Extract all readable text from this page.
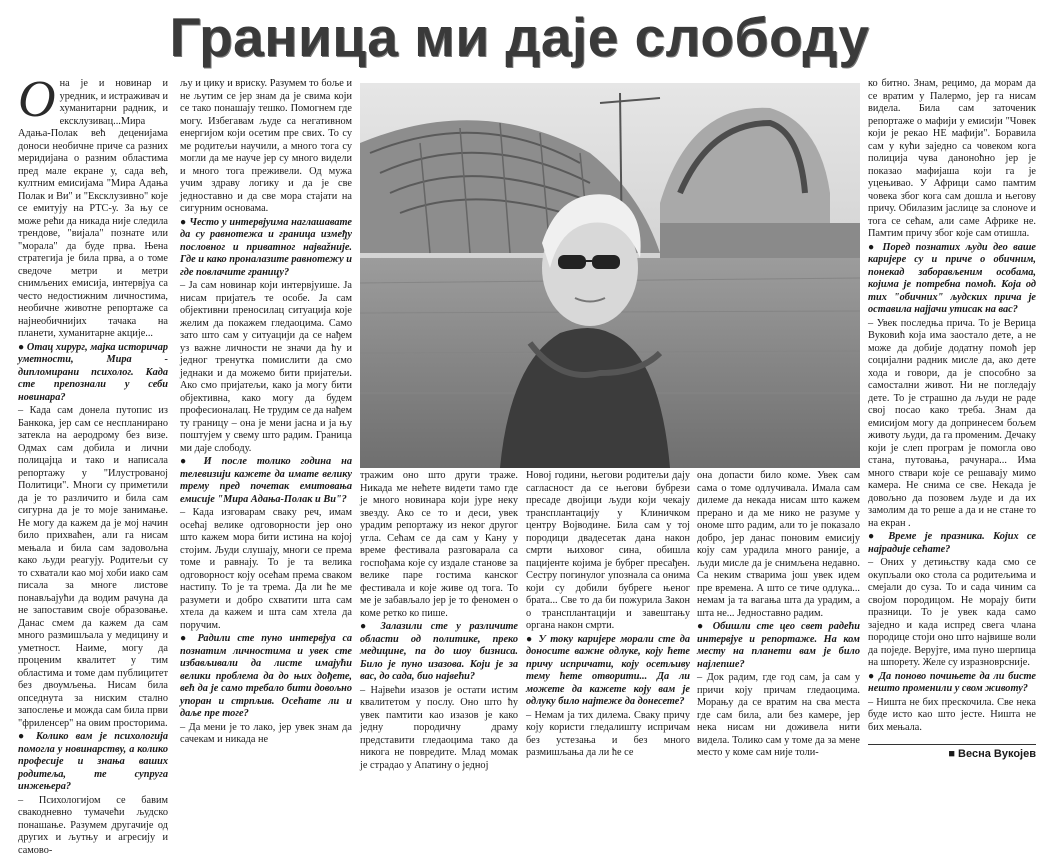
Граница ми даје слободу
О на је и новинар и уредник, и истраживач и хуманитарни радник, и ексклузивац...Мира Адања-Полак већ деценијама доноси необичне приче са разних меридијана о разним областима пред мале екране у, сада већ, култним емисијама "Мира Адања Полак и Ви" и "Ексклузивно" које се емитују на РТС-у. За њу се може рећи да никада није следила трендове, "вијала" познате или "морала" да буде прва. Њена стратегија је била прва, а о томе сведоче метри и метри снимљених емисија, интервјуа са често недостижним личностима, необичне животне репортаже са најнеобичнијих тачака на планети, хуманитарне акције...

● Отац хирург, мајка историчар уметности, Мира - дипломирани психолог. Када сте препознали у себи новинара?

– Када сам донела путопис из Банкока, јер сам се неспланирано затекла на аеродрому без визе. Одмах сам добила и лични полицајца и тако и написала репортажу у "Илустрованој Политици". Многи су приметили да је то различито и била сам сигурна да је то моје занимање. Не могу да кажем да је мој начин било прихваћен, али га нисам мењала и била сам задовољна како људи реагују. Родитељи су то схватали као мој хоби иако сам писала за многе листове понављајући да водим рачуна да не запоставим своје образовање. Данас смем да кажем да сам много размишљала у медицину и уметност. Наиме, могу да проценим квалитет у тим областима и томе дам публицитет без двоумљења. Нисам била опседнута за ниским стално запослење и можда сам била први "фриленсер" на овим просторима.

● Колико вам је психологија помогла у новинарству, а колико професије и знања ваших родитеља, те супруга инжењера?

– Психологијом се бавим свакодневно тумачећи људско понашање. Разумем другачије од других и љутњу и агресију и самово-

љу и цику и вриску. Разумем то боље и не љутим се јер знам да је свима који се тако понашају тешко. Помогнем где могу. Избегавам људе са негативном енергијом који осетим пре свих. То су ме родитељи научили, а много тога су могли да ме науче јер су много видели и много тога преживели. Од мужа учим здраву логику и да је све једноставно и да све мора стајати на сигурним основама.

● Често у интервјуима наглашавате да су равнотежа и граница између пословног и приватног највažније. Где и како проналазите равнотежу и где повлачите границу?

– Ја сам новинар који интервјуише. Ја нисам пријатељ те особе. Ја сам објективни преносилац ситуација које желим да покажем гледаоцима. Само зато што сам у ситуацији да се нађем уз важне личности не значи да ћу и једног тренутка помислити да смо једнаки и да можемо бити пријатељи. Ако смо пријатељи, како ја могу бити објективна, како могу да будем професионалац. Не трудим се да нађем ту границу – она је мени јасна и ја њу поштујем у свему што радим. Граница ми даје слободу.

● И после толико година на телевизији кажете да имате велику трему пред почетак емитовања емисије "Мира Адања-Полак и Ви"?

– Када изговарам сваку реч, имам осећај велике одговорности јер оно што кажем мора бити истина на којој стојим. Људи слушају, многи се према томе и равнају. То је та велика одговорност коју осећам према сваком настипу. То је та трема. Да ли ће ме разумети и добро схватити шта сам хтела да кажем и шта сам хтела да поручим.

● Радили сте пуно интервјуа са познатим личностима и увек сте избављивали да листе имајући велики проблема да до њих дођете, већ да је само требало бити довољно упоран и стрпљив. Осећате ли и даље пре тоге?

– Да мени је то лако, јер увек знам да сачекам и никада не

тражим оно што други траже. Никада ме нећете видети тамо где је много новинара који јуре неку звезду. Ако се то и деси, увек урадим репортажу из неког другог угла. Сећам се да сам у Кану у време фестивала разговарала са госпођама које су издале станове за велике паре гостима канског фестивала и које живе од тога. То ме је забављало јер је то феномен о коме ретко ко пише.

● Залазили сте у различите области од политике, преко медицине, па до шоу бизниса. Било је пуно изазова. Који је за вас, до сада, био највећи?

– Највећи изазов је остати истим квалитетом у послу. Оно што ћу увек памтити као изазов је како једну породичну драму представити гледаоцима тако да никога не повредите. Млад момак је страдао у Апатину о једној

Новој години, његови родитељи дају сагласност да се његови бубрези пресаде двојици људи који чекају трансплантацију у Клиничком центру Војводине. Била сам у тој породици двадесетак дана након смрти њиховог сина, обишла пацијенте којима је бубрег пресађен. Сестру погинулог упознала са онима који су добили бубреге њеног брата... Све то да би пожурила Закон о трансплантацији и завештању органа након смрти.

● У току каријере морали сте да доносите важне одлуке, коју ћете причу испричати, коју осетљиву тему ћете отворити... Да ли можете да кажете коју вам је одлуку било најтеже да донесете?

– Немам ја тих дилема. Сваку причу коју користи гледалишту испричам без устезања и без много размишљања да ли ће се

она допасти било коме. Увек сам сама о томе одлучивала. Имала сам дилеме да некада нисам што кажем прерано и да ме нико не разуме у ономе што радим, али то је показало добро, јер данас поновим емисију коју сам урадила много раније, а људи мисле да је снимљена недавно. Са неким стварима још увек идем пре времена. А што се тиче одлука... немам ја та вагања шта да урадим, а шта не... Једноставно радим.

● Обишли сте цео свет радећи интервјуе и репортаже. На ком месту на планети вам је било најлепше?

– Док радим, где год сам, ја сам у причи коју причам гледаоцима. Морању да се вратим на сва места где сам била, али без камере, јер нека нисам ни доживела нити видела. Толико сам у томе да за мене место у коме сам није толи-

ко битно. Знам, рецимо, да морам да се вратим у Палермо, јер га нисам видела. Била сам заточеник репортаже о мафији у емисији "Човек који је рекао НЕ мафији". Боравила сам у кући заједно са човеком кога полиција чува даноноћно јер је показао мафијаша који га је уцењивао. У Африци само памтим човека због кога сам дошла и његову причу. Обилазим јаслице за слоноve и тога се сећам, али саме Африке не. Памтим причу због које сам отишла.

● Поред познатих људи део ваше каријере су и приче о обичним, понекад заборављеним особама, којима је потребна помоћ. Која од тих "обичних" људских прича је оставила најјачи утисак на вас?

– Увек последња прича. То је Верица Вуковић која има заостало дете, а не може да добије додатну помоћ јер социјални радник мисле да, ако дете хода и говори, да је способно за самостални живот. Ни не погледају дете. То је страшно да људи нe раде свој посао како треба. Знам да емисијом могу да допринесем бољем животу људи, да га променим. Дечаку који је слеп програм је помогла ово стана, путовања, рачунара... Има много ствари које се решавају мимо камера. Не снима се све. Некада је довољно да позовем људе и да их замолим да то реше а да и не стане то на екран .

● Време је празника. Којих се најрадије сећате?

– Оних у детињству када смо се окупљали око стола са родитељима и смејали до суза. То и сада чиним са својом породицом. Не морају бити празници. То је увек када само заједно и када испред свега члана породице стоји оно што највише воли да поједе. Верујте, има пуно шерпица на шпорету. Желе су изразноврсније.

● Да поново почињете да ли бисте нешто променили у свом животу?

– Ништа не бих прескочила. Све нека буде исто као што јесте. Ништа не бих мењала.

■ Весна Вукојев
